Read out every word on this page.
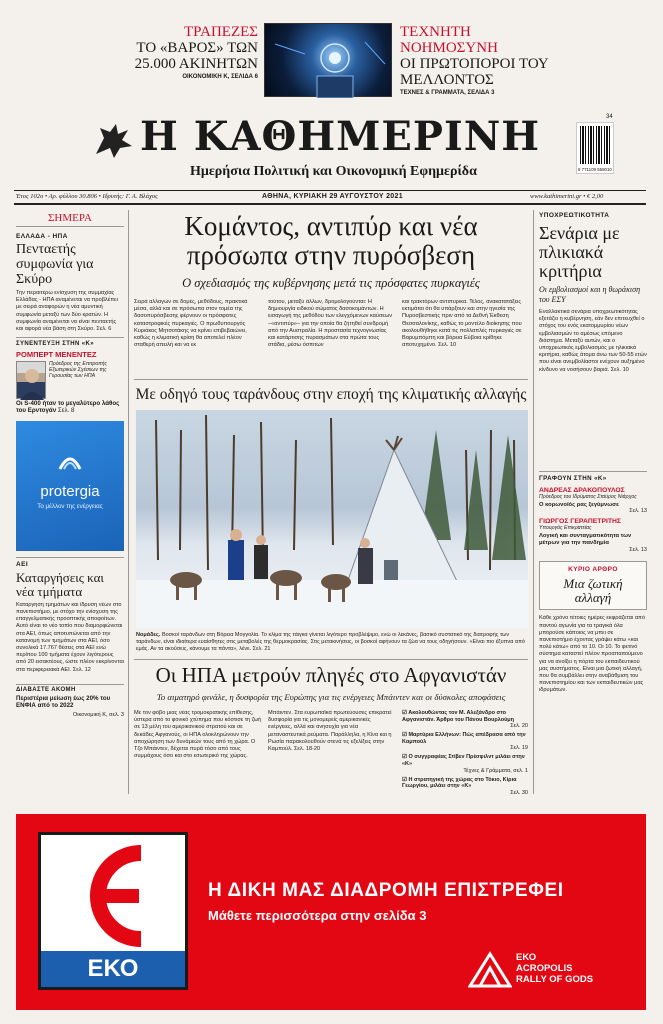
ΤΡΑΠΕΖΕΣ
ΤΟ «ΒΑΡΟΣ» ΤΩΝ 25.000 ΑΚΙΝΗΤΩΝ
ΟΙΚΟΝΟΜΙΚΗ Κ, ΣΕΛΙΔΑ 6
ΤΕΧΝΗΤΗ ΝΟΗΜΟΣΥΝΗ
ΟΙ ΠΡΩΤΟΠΟΡΟΙ ΤΟΥ ΜΕΛΛΟΝΤΟΣ
ΤΕΧΝΕΣ & ΓΡΑΜΜΑΤΑ, ΣΕΛΙΔΑ 3
Η ΚΑΘΗΜΕΡΙΝΗ
Ημερήσια Πολιτική και Οικονομική Εφημερίδα	9 771109 558010
34
Έτος 102ο • Αρ. φύλλου 30.806 • Ιδρυτής: Γ. Α. Βλάχος	ΑΘΗΝΑ, ΚΥΡΙΑΚΗ 29 ΑΥΓΟΥΣΤΟΥ 2021	www.kathimerini.gr • € 2,00
ΣΗΜΕΡΑ
ΕΛΛΑΔΑ - ΗΠΑ
Πενταετής συμφωνία για Σκύρο
Την περαιτέρω ενίσχυση της συμμαχίας Ελλάδας - ΗΠΑ αναμένεται να προβλέπει με σειρά αναφορών η νέα αμυντική συμφωνία μεταξύ των δύο κρατών. Η συμφωνία αναμένεται να είναι πενταετής και αφορά νέα βάση στη Σκύρο. Σελ. 6
ΣΥΝΕΝΤΕΥΞΗ ΣΤΗΝ «Κ»
ΡΟΜΠΕΡΤ ΜΕΝΕΝΤΕΖ
Πρόεδρος της Επιτροπής Εξωτερικών Σχέσεων της Γερουσίας των ΗΠΑ
Οι S-400 ήταν το μεγαλύτερο λάθος του Ερντογάν Σελ. 8
protergia
Το μέλλον της ενέργειας
ΑΕΙ
Καταργήσεις και νέα τμήματα
Καταργηση τμημάτων και ίδρυση νέων στο πανεπιστήμιο, με στόχο την ενίσχυση της επαγγελματικής προοπτικής αποφοίτων. Αυτό είναι το νέο τοπίο που διαμορφώνεται στα ΑΕΙ, όπως αποτυπώνεται από την κατανομή των τμημάτων στα ΑΕΙ, όσο συνολικά 17.767 θέσεις στα ΑΕΙ ενώ περίπου 100 τμήματα έχουν λιγότερους από 20 εισακτέους, ώστε πλέον εκκρίνονται στα περιφερειακά ΑΕΙ. Σελ. 12
ΔΙΑΒΑΣΤΕ ΑΚΟΜΗ
Περιστέρια μείωση έως 20% του ΕΝΦΙΑ από το 2022
Οικονομική Κ, σελ. 3
Κομάντος, αντιπύρ και νέα πρόσωπα στην πυρόσβεση
Ο σχεδιασμός της κυβέρνησης μετά τις πρόσφατες πυρκαγιές
Σειρά αλλαγών σε δομές, μεθόδους, πρακτικά μέσα, αλλά και σε πρόσωπα στον τομέα της δασοπυρόσβεσης φέρνουν οι πρόσφατες καταστροφικές πυρκαγιές. Ο πρωθυπουργός Κυριάκος Μητσοτάκης να κρίνει επιβεβαιώνει, καθώς η κλιματική κρίση θα αποτελεί πλέον σταθερή απειλή και να εκ
τούτου, μεταξύ άλλων, δρομολογούνται: Η δημιουργία ειδικού σώματος δασοκομάντων. Η εισαγωγή της μεθόδου των ελεγχόμενων καύσεων –«αντιπύρ»– για την οποία θα ζητηθεί συνδρομή από την Αυστραλία. Η προστασία τεχνογνωσίας και κατάρτισης πυρασμάτων στα πρώτα τους στάδια, μέσω όσπιτων
και τρακτόρων αντιπυρικα. Τέλος, ανακατατάξεις εκτιμάται ότι θα υπάρξουν και στην ηγεσία της Πυροσβεστικής πριν από τα Δεθνή Έκθεση Θεσσαλονίκης, καθώς το μοντέλο διοίκησης που ακολουθήθηκε κατά τις πολλαπλές πυρκαγιές σε Βαρυμπόμπη και βόρεια Εύβοια κρίθηκε αποτυχημένο. Σελ. 10
Με οδηγό τους ταράνδους στην εποχή της κλιματικής αλλαγής
Νομάδες. Βοσκοί ταράνδων στη Βόρεια Μογγολία. Το κλίμα της τάιγκα γίνεται λιγότερο προβλέψιμο, ενώ οι λεκάνες, βασικό συστατικό της διατροφής των ταράνδων, είναι ιδιαίτερα ευαίσθητες στις μεταβολές της θερμοκρασίας. Στις μετακινήσεις, οι βοσκοί αφήνουν τα ζώα να τους οδηγήσουν. «Είναι πιο έξυπνα από εμάς. Αν τα ακούσεις, κάνουμε τα πάντα», λένε. Σελ. 21
Οι ΗΠΑ μετρούν πληγές στο Αφγανιστάν
Το αιματηρό φινάλε, η δυσφορία της Ευρώπης για τις ενέργειες Μπάιντεν και οι δύσκολες αποφάσεις
Με τον φόβο μιας νέας τρομοκρατικής επίθεσης, ύστερα από το φονικό χτύπημα που κόστισε τη ζωή σε 13 μέλη του αμερικανικού στρατού και σε δεκάδες Αφγανούς, οι ΗΠΑ ολοκληρώνουν την αποχώρηση των δυνάμεών τους από τη χώρα. Ο Τζο Μπάιντεν, δέχεται πυρά τόσο από τους συμμάχους όσο και στο εσωτερικό της χώρας.
Μπάιντεν. Στα ευρωπαϊκά πρωτεύουσες επικρατεί δυσφορία για τις μονομερείς αμερικανικές ενέργειες, αλλά και ανησυχία για νέα μεταναστευτικά ρεύματα. Παράλληλα, η Κίνα και η Ρωσία παρακολουθούν στενά τις εξελίξεις στην Καμπούλ. Σελ. 18-20
☑ Ακολουθώντας τον Μ. Αλεξάνδρο στο Αφγανιστάν. Άρθρο του Πάνου Βουρλούμη
Σελ. 20
☑ Μαρτύρια Ελλήνων: Πώς απέδρασα από την Καμπούλ
Σελ. 19
☑ Ο συγγραφέας Στίβεν Πρέσφιλντ μιλάει στην «Κ»
Τέχνες & Γράμματα, σελ. 1
☑ Η στρατηγική της χώρας στο Τόκιο, Κίρια Γεωργίου, μιλάει στην «Κ»
Σελ. 30
ΥΠΟΧΡΕΩΤΙΚΟΤΗΤΑ
Σενάρια με πλικιακά κριτήρια
Οι εμβολιασμοί και η θωράκιση του ΕΣΥ
Εναλλακτικά σενάρια υποχρεωτικότητας εξετάζει η κυβέρνηση, εάν δεν επιτευχθεί ο στόχος του ενός εκατομμυρίου νέων εμβολιασμών το αμέσως επόμενο διάστημα. Μεταξύ αυτών, και ο υποχρεωτικός εμβολιασμός με ηλικιακά κριτήρια, καθώς άτομα άνω των 50-55 ετών που είναι ανεμβολίαστοι ενέχουν αυξημένο κίνδυνο να νοσήσουν βαριά. Σελ. 10
ΓΡΑΦΟΥΝ ΣΤΗΝ «Κ»
ΑΝΔΡΕΑΣ ΔΡΑΚΟΠΟΥΛΟΣ
Πρόεδρος του Ιδρύματος Σταύρος Νιάρχος
Ο κορωνοϊός ρας ξεγύμνωσε
Σελ. 13
ΓΙΩΡΓΟΣ ΓΕΡΑΠΕΤΡΙΤΗΣ
Υπουργός Επικρατείας
Λογική και συνταγματικότητα των μέτρων για την πανδημία
Σελ. 13
ΚΥΡΙΟ ΑΡΘΡΟ
Μια ζωτική αλλαγή
Κάθε χρόνο τέτοιες ημέρες εκφράζεται από παντού αγωνία για τα τραγικά όλα μπορούσε κάποιος να μπει σε πανεπιστήμιο έχοντας γράψει κάτω «και πολύ κάτω» από το 10. Οι 10. Το φετινό σύστημα καταστεί πλέον προαπαιτούμενο για να ανοίξει η πόρτα του εκπαιδευτικού μας συστήματος. Είναι μια ζωτική αλλαγή, που θα συμβάλλει στην αναβάθμιση του πανεπιστημίου και των εκπαιδευτικών μας ιδρυμάτων.
ΕΚΟ
Η ΔΙΚΗ ΜΑΣ ΔΙΑΔΡΟΜΗ ΕΠΙΣΤΡΕΦΕΙ
Μάθετε περισσότερα στην σελίδα 3
ΕΚΟ
ACROPOLIS
RALLY OF GODS
